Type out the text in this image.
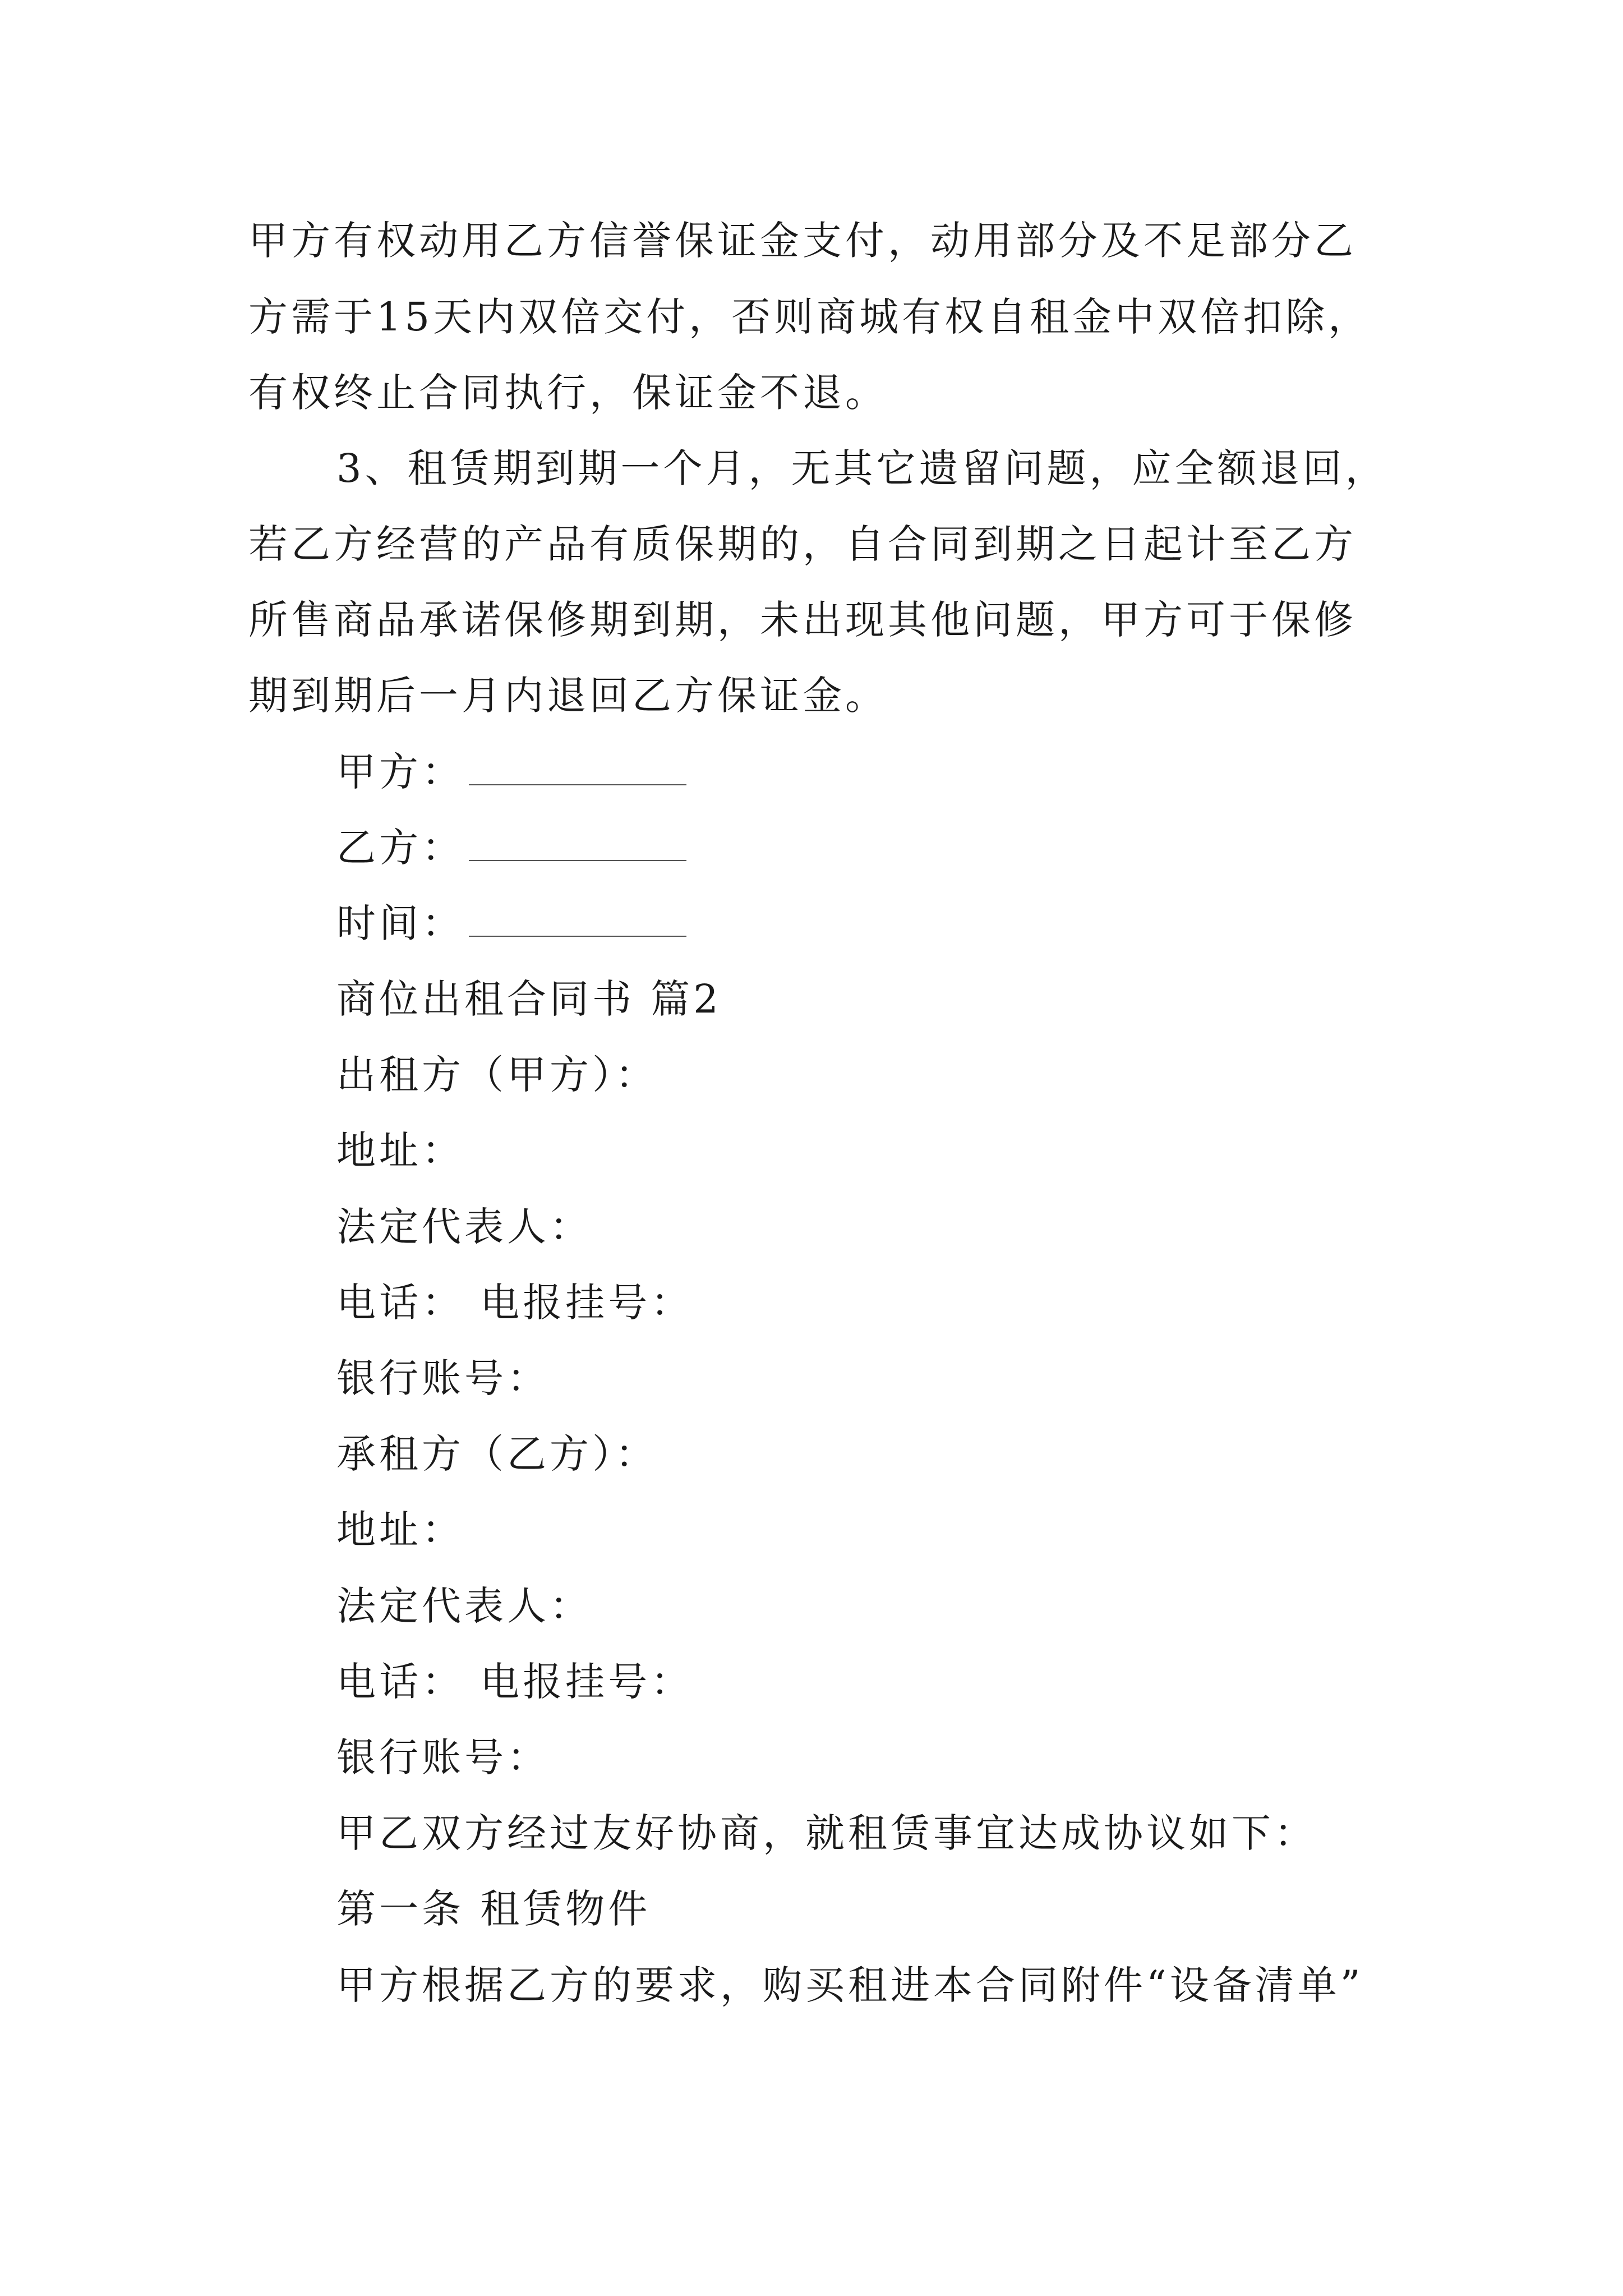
甲方有权动用乙方信誉保证金支付，动用部分及不足部分乙
方需于15天内双倍交付，否则商城有权自租金中双倍扣除，
有权终止合同执行，保证金不退。
3、租赁期到期一个月，无其它遗留问题，应全额退回，
若乙方经营的产品有质保期的，自合同到期之日起计至乙方
所售商品承诺保修期到期，未出现其他问题，甲方可于保修
期到期后一月内退回乙方保证金。
甲方：
乙方：
时间：
商位出租合同书 篇2
出租方（甲方）：
地址：
法定代表人：
电话： 电报挂号：
银行账号：
承租方（乙方）：
地址：
法定代表人：
电话： 电报挂号：
银行账号：
甲乙双方经过友好协商，就租赁事宜达成协议如下：
第一条 租赁物件
甲方根据乙方的要求，购买租进本合同附件“设备清单”
